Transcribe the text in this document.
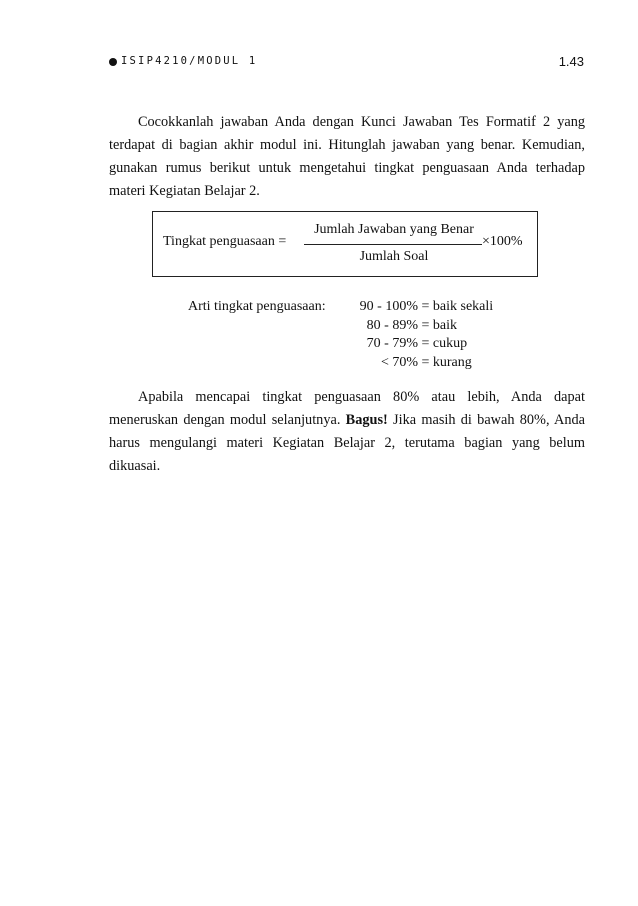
ISIP4210/MODUL 1	1.43

Cocokkanlah jawaban Anda dengan Kunci Jawaban Tes Formatif 2 yang terdapat di bagian akhir modul ini. Hitunglah jawaban yang benar. Kemudian, gunakan rumus berikut untuk mengetahui tingkat penguasaan Anda terhadap materi Kegiatan Belajar 2.

Tingkat penguasaan =
Jumlah Jawaban yang Benar
Jumlah Soal
×100%
Arti tingkat penguasaan:	90 - 100% = baik sekali
80 - 89% = baik
70 - 79% = cukup
< 70% = kurang

Apabila mencapai tingkat penguasaan 80% atau lebih, Anda dapat meneruskan dengan modul selanjutnya. Bagus! Jika masih di bawah 80%, Anda harus mengulangi materi Kegiatan Belajar 2, terutama bagian yang belum dikuasai.
